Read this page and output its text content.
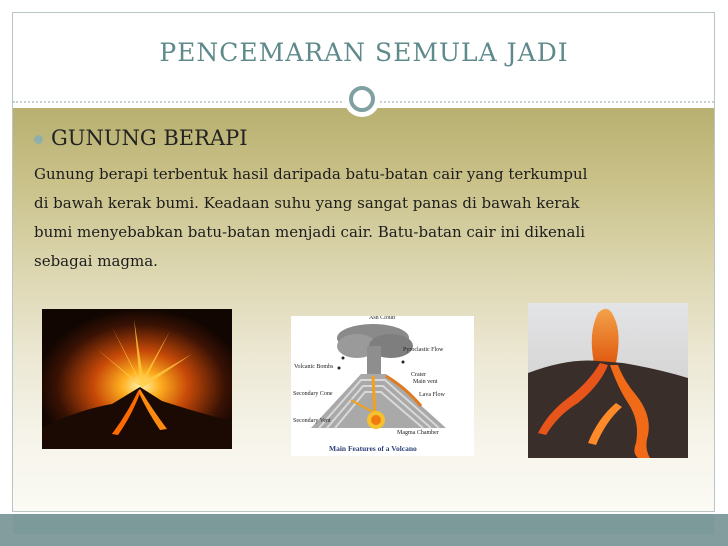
PENCEMARAN SEMULA JADI
GUNUNG BERAPI
Gunung berapi terbentuk hasil daripada batu-batan cair yang terkumpul
di bawah kerak bumi. Keadaan suhu yang sangat panas di bawah kerak
bumi menyebabkan batu-batan menjadi cair. Batu-batan cair ini dikenali
sebagai magma.
Ash Cloud
Pyroclastic Flow
Volcanic Bombs
Crater
Main vent
Secondary Cone	Lava Flow
Secondary Vent
Magma Chamber
Main Features of a Volcano
